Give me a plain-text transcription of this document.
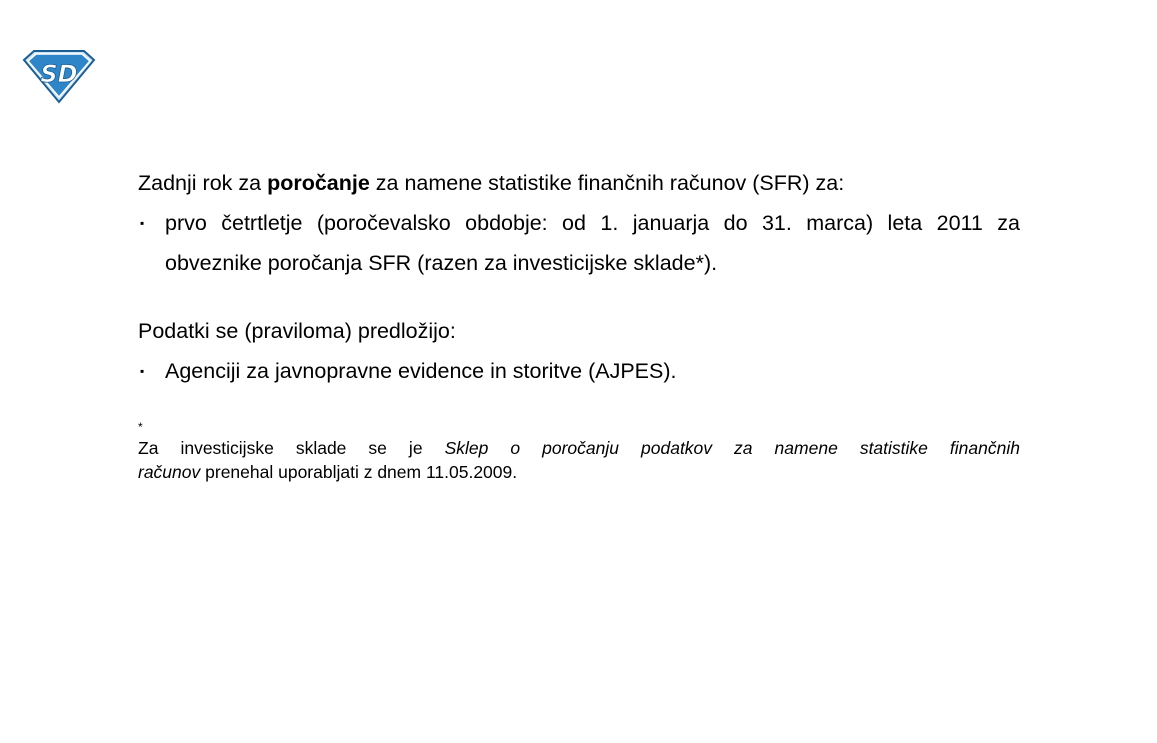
SD

Zadnji rok za poročanje za namene statistike finančnih računov (SFR) za:

▪ prvo četrtletje (poročevalsko obdobje: od 1. januarja do 31. marca) leta 2011 za

obveznike poročanja SFR (razen za investicijske sklade*).

Podatki se (praviloma) predložijo:

▪ Agenciji za javnopravne evidence in storitve (AJPES).

*

Za investicijske sklade se je Sklep o poročanju podatkov za namene statistike finančnih

računov prenehal uporabljati z dnem 11.05.2009.
